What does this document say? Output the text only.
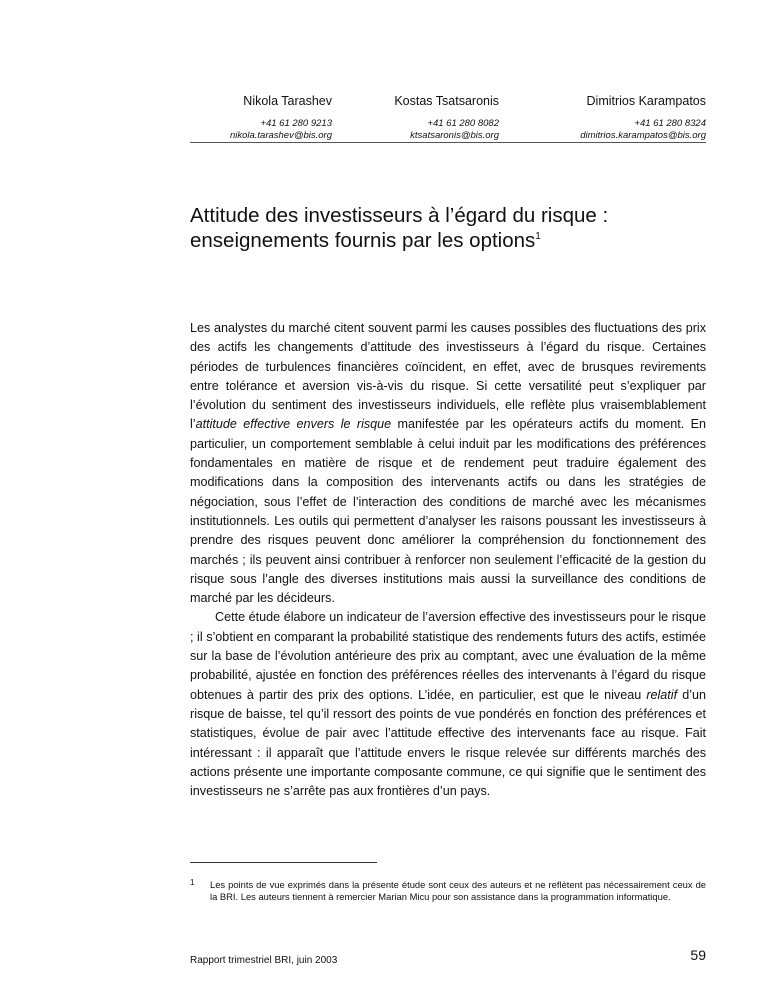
Nikola Tarashev
+41 61 280 9213
nikola.tarashev@bis.org
Kostas Tsatsaronis
+41 61 280 8082
ktsatsaronis@bis.org
Dimitrios Karampatos
+41 61 280 8324
dimitrios.karampatos@bis.org
Attitude des investisseurs à l’égard du risque :
enseignements fournis par les options$^1$

Les analystes du marché citent souvent parmi les causes possibles des fluctuations des prix des actifs les changements d’attitude des investisseurs à l’égard du risque. Certaines périodes de turbulences financières coïncident, en effet, avec de brusques revirements entre tolérance et aversion vis-à-vis du risque. Si cette versatilité peut s’expliquer par l’évolution du sentiment des investisseurs individuels, elle reflète plus vraisemblablement l’attitude effective envers le risque manifestée par les opérateurs actifs du moment. En particulier, un comportement semblable à celui induit par les modifications des préférences fondamentales en matière de risque et de rendement peut traduire également des modifications dans la composition des intervenants actifs ou dans les stratégies de négociation, sous l’effet de l’interaction des conditions de marché avec les mécanismes institutionnels. Les outils qui permettent d’analyser les raisons poussant les investisseurs à prendre des risques peuvent donc améliorer la compréhension du fonctionnement des marchés ; ils peuvent ainsi contribuer à renforcer non seulement l’efficacité de la gestion du risque sous l’angle des diverses institutions mais aussi la surveillance des conditions de marché par les décideurs.

Cette étude élabore un indicateur de l’aversion effective des investisseurs pour le risque ; il s’obtient en comparant la probabilité statistique des rendements futurs des actifs, estimée sur la base de l’évolution antérieure des prix au comptant, avec une évaluation de la même probabilité, ajustée en fonction des préférences réelles des intervenants à l’égard du risque obtenues à partir des prix des options. L’idée, en particulier, est que le niveau relatif d’un risque de baisse, tel qu’il ressort des points de vue pondérés en fonction des préférences et statistiques, évolue de pair avec l’attitude effective des intervenants face au risque. Fait intéressant : il apparaît que l’attitude envers le risque relevée sur différents marchés des actions présente une importante composante commune, ce qui signifie que le sentiment des investisseurs ne s’arrête pas aux frontières d’un pays.

1 Les points de vue exprimés dans la présente étude sont ceux des auteurs et ne reflètent pas nécessairement ceux de la BRI. Les auteurs tiennent à remercier Marian Micu pour son assistance dans la programmation informatique.
Rapport trimestriel BRI, juin 2003	59
